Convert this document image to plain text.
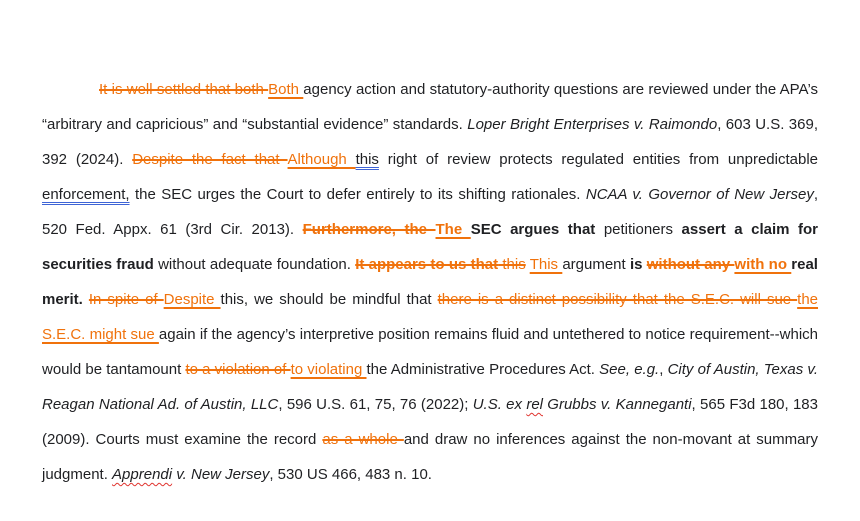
It is well settled that both Both agency action and statutory-authority questions are reviewed under the APA’s “arbitrary and capricious” and “substantial evidence” standards. Loper Bright Enterprises v. Raimondo, 603 U.S. 369, 392 (2024). Despite the fact that Although this right of review protects regulated entities from unpredictable enforcement, the SEC urges the Court to defer entirely to its shifting rationales. NCAA v. Governor of New Jersey, 520 Fed. Appx. 61 (3rd Cir. 2013). Furthermore, the The SEC argues that petitioners assert a claim for securities fraud without adequate foundation. It appears to us that this This argument is without any with no real merit. In spite of Despite this, we should be mindful that there is a distinct possibility that the S.E.C. will sue the S.E.C. might sue again if the agency’s interpretive position remains fluid and untethered to notice requirement--which would be tantamount to a violation of to violating the Administrative Procedures Act. See, e.g., City of Austin, Texas v. Reagan National Ad. of Austin, LLC, 596 U.S. 61, 75, 76 (2022); U.S. ex rel Grubbs v. Kanneganti, 565 F3d 180, 183 (2009). Courts must examine the record as a whole and draw no inferences against the non-movant at summary judgment. Apprendi v. New Jersey, 530 US 466, 483 n. 10.
